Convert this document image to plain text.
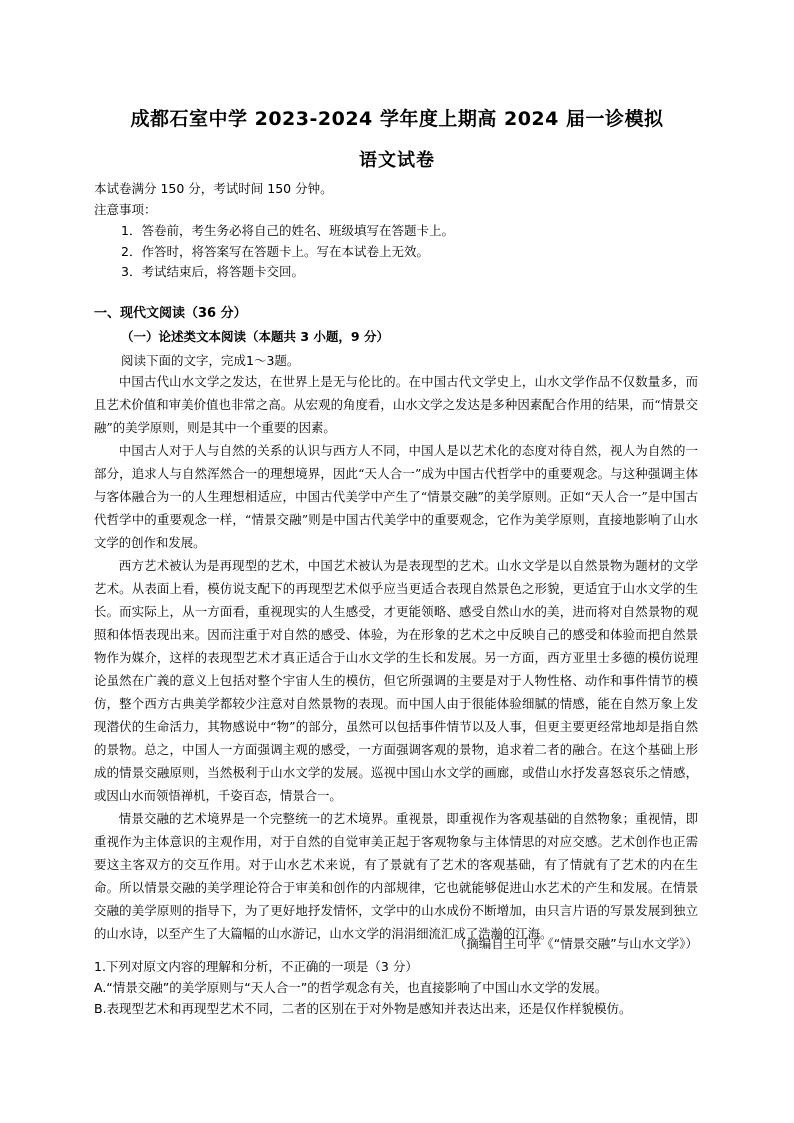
成都石室中学 2023-2024 学年度上期高 2024 届一诊模拟
语文试卷
本试卷满分 150 分，考试时间 150 分钟。
注意事项：
1．答卷前，考生务必将自己的姓名、班级填写在答题卡上。
2．作答时，将答案写在答题卡上。写在本试卷上无效。
3．考试结束后，将答题卡交回。
一、现代文阅读（36 分）
（一）论述类文本阅读（本题共 3 小题，9 分）
阅读下面的文字，完成1～3题。

中国古代山水文学之发达，在世界上是无与伦比的。在中国古代文学史上，山水文学作品不仅数量多，而且艺术价值和审美价值也非常之高。从宏观的角度看，山水文学之发达是多种因素配合作用的结果，而“情景交融”的美学原则，则是其中一个重要的因素。

中国古人对于人与自然的关系的认识与西方人不同，中国人是以艺术化的态度对待自然，视人为自然的一部分，追求人与自然浑然合一的理想境界，因此“天人合一”成为中国古代哲学中的重要观念。与这种强调主体与客体融合为一的人生理想相适应，中国古代美学中产生了“情景交融”的美学原则。正如“天人合一”是中国古代哲学中的重要观念一样，“情景交融”则是中国古代美学中的重要观念，它作为美学原则，直接地影响了山水文学的创作和发展。

西方艺术被认为是再现型的艺术，中国艺术被认为是表现型的艺术。山水文学是以自然景物为题材的文学艺术。从表面上看，模仿说支配下的再现型艺术似乎应当更适合表现自然景色之形貌，更适宜于山水文学的生长。而实际上，从一方面看，重视现实的人生感受，才更能领略、感受自然山水的美，进而将对自然景物的观照和体悟表现出来。因而注重于对自然的感受、体验，为在形象的艺术之中反映自己的感受和体验而把自然景物作为媒介，这样的表现型艺术才真正适合于山水文学的生长和发展。另一方面，西方亚里士多德的模仿说理论虽然在广義的意义上包括对整个宇宙人生的模仿，但它所强调的主要是对于人物性格、动作和事件情节的模仿，整个西方古典美学都较少注意对自然景物的表现。而中国人由于很能体验细腻的情感，能在自然万象上发现潜伏的生命活力，其物感说中“物”的部分，虽然可以包括事件情节以及人事，但更主要更经常地却是指自然的景物。总之，中国人一方面强调主观的感受，一方面强调客观的景物，追求着二者的融合。在这个基础上形成的情景交融原则，当然极利于山水文学的发展。巡视中国山水文学的画廊，或借山水抒发喜怒哀乐之情感，或因山水而领悟禅机，千姿百态，情景合一。

情景交融的艺术境界是一个完整统一的艺术境界。重视景，即重视作为客观基础的自然物象；重视情，即重视作为主体意识的主观作用，对于自然的自觉审美正起于客观物象与主体情思的对应交感。艺术创作也正需要这主客双方的交互作用。对于山水艺术来说，有了景就有了艺术的客观基础，有了情就有了艺术的内在生命。所以情景交融的美学理论符合于审美和创作的内部规律，它也就能够促进山水艺术的产生和发展。在情景交融的美学原则的指导下，为了更好地抒发情怀，文学中的山水成份不断增加，由只言片语的写景发展到独立的山水诗，以至产生了大篇幅的山水游记，山水文学的涓涓细流汇成了浩瀚的江海。

（摘编自王可平《“情景交融”与山水文学》）
1.下列对原文内容的理解和分析，不正确的一项是（3 分）
A.“情景交融”的美学原则与“天人合一”的哲学观念有关，也直接影响了中国山水文学的发展。
B.表现型艺术和再现型艺术不同，二者的区别在于对外物是感知并表达出来，还是仅作样貌模仿。
